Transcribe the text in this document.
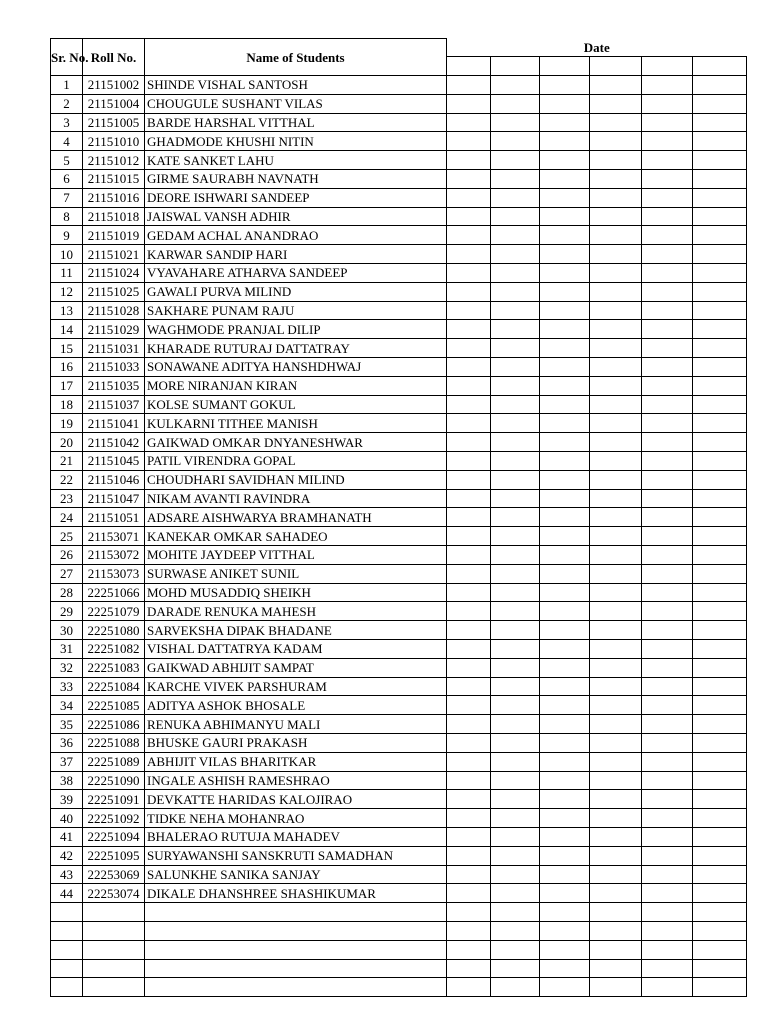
Sr. No.	Roll No.	Name of Students	Date					

1	21151002	SHINDE VISHAL SANTOSH						
2	21151004	CHOUGULE SUSHANT VILAS						
3	21151005	BARDE HARSHAL VITTHAL						
4	21151010	GHADMODE KHUSHI NITIN						
5	21151012	KATE SANKET LAHU						
6	21151015	GIRME SAURABH NAVNATH						
7	21151016	DEORE ISHWARI SANDEEP						
8	21151018	JAISWAL VANSH ADHIR						
9	21151019	GEDAM ACHAL ANANDRAO						
10	21151021	KARWAR SANDIP HARI						
11	21151024	VYAVAHARE ATHARVA SANDEEP						
12	21151025	GAWALI PURVA MILIND						
13	21151028	SAKHARE PUNAM RAJU						
14	21151029	WAGHMODE PRANJAL DILIP						
15	21151031	KHARADE RUTURAJ DATTATRAY						
16	21151033	SONAWANE ADITYA HANSHDHWAJ						
17	21151035	MORE NIRANJAN KIRAN						
18	21151037	KOLSE SUMANT GOKUL						
19	21151041	KULKARNI TITHEE MANISH						
20	21151042	GAIKWAD OMKAR DNYANESHWAR						
21	21151045	PATIL VIRENDRA GOPAL						
22	21151046	CHOUDHARI SAVIDHAN MILIND						
23	21151047	NIKAM AVANTI RAVINDRA						
24	21151051	ADSARE AISHWARYA BRAMHANATH						
25	21153071	KANEKAR OMKAR SAHADEO						
26	21153072	MOHITE JAYDEEP VITTHAL						
27	21153073	SURWASE ANIKET SUNIL						
28	22251066	MOHD MUSADDIQ SHEIKH						
29	22251079	DARADE RENUKA MAHESH						
30	22251080	SARVEKSHA DIPAK BHADANE						
31	22251082	VISHAL DATTATRYA KADAM						
32	22251083	GAIKWAD ABHIJIT SAMPAT						
33	22251084	KARCHE VIVEK PARSHURAM						
34	22251085	ADITYA ASHOK BHOSALE						
35	22251086	RENUKA ABHIMANYU MALI						
36	22251088	BHUSKE GAURI PRAKASH						
37	22251089	ABHIJIT VILAS BHARITKAR						
38	22251090	INGALE ASHISH RAMESHRAO						
39	22251091	DEVKATTE HARIDAS KALOJIRAO						
40	22251092	TIDKE NEHA MOHANRAO						
41	22251094	BHALERAO RUTUJA MAHADEV						
42	22251095	SURYAWANSHI SANSKRUTI SAMADHAN						
43	22253069	SALUNKHE SANIKA SANJAY						
44	22253074	DIKALE DHANSHREE SHASHIKUMAR						
